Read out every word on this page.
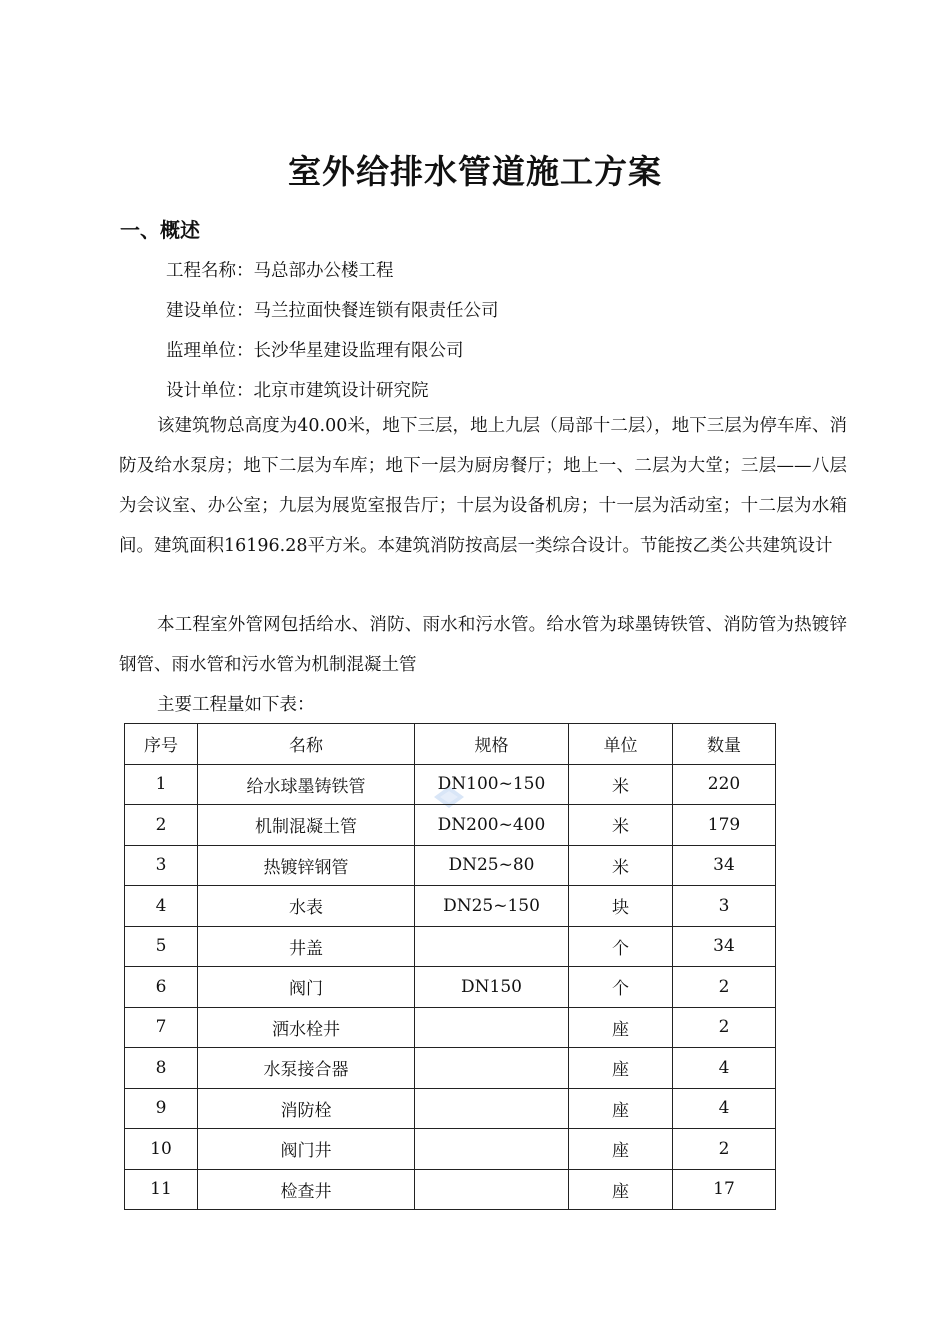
室外给排水管道施工方案
一、概述
工程名称：马总部办公楼工程
建设单位：马兰拉面快餐连锁有限责任公司
监理单位：长沙华星建设监理有限公司
设计单位：北京市建筑设计研究院

该建筑物总高度为40.00米，地下三层，地上九层（局部十二层），地下三层为停车库、消防及给水泵房；地下二层为车库；地下一层为厨房餐厅；地上一、二层为大堂；三层——八层为会议室、办公室；九层为展览室报告厅；十层为设备机房；十一层为活动室；十二层为水箱间。建筑面积16196.28平方米。本建筑消防按高层一类综合设计。节能按乙类公共建筑设计

本工程室外管网包括给水、消防、雨水和污水管。给水管为球墨铸铁管、消防管为热镀锌钢管、雨水管和污水管为机制混凝土管

主要工程量如下表：
序号	名称	规格	单位	数量
1	给水球墨铸铁管	DN100~150	米	220
2	机制混凝土管	DN200~400	米	179
3	热镀锌钢管	DN25~80	米	34
4	水表	DN25~150	块	3
5	井盖		个	34
6	阀门	DN150	个	2
7	洒水栓井		座	2
8	水泵接合器		座	4
9	消防栓		座	4
10	阀门井		座	2
11	检查井		座	17
